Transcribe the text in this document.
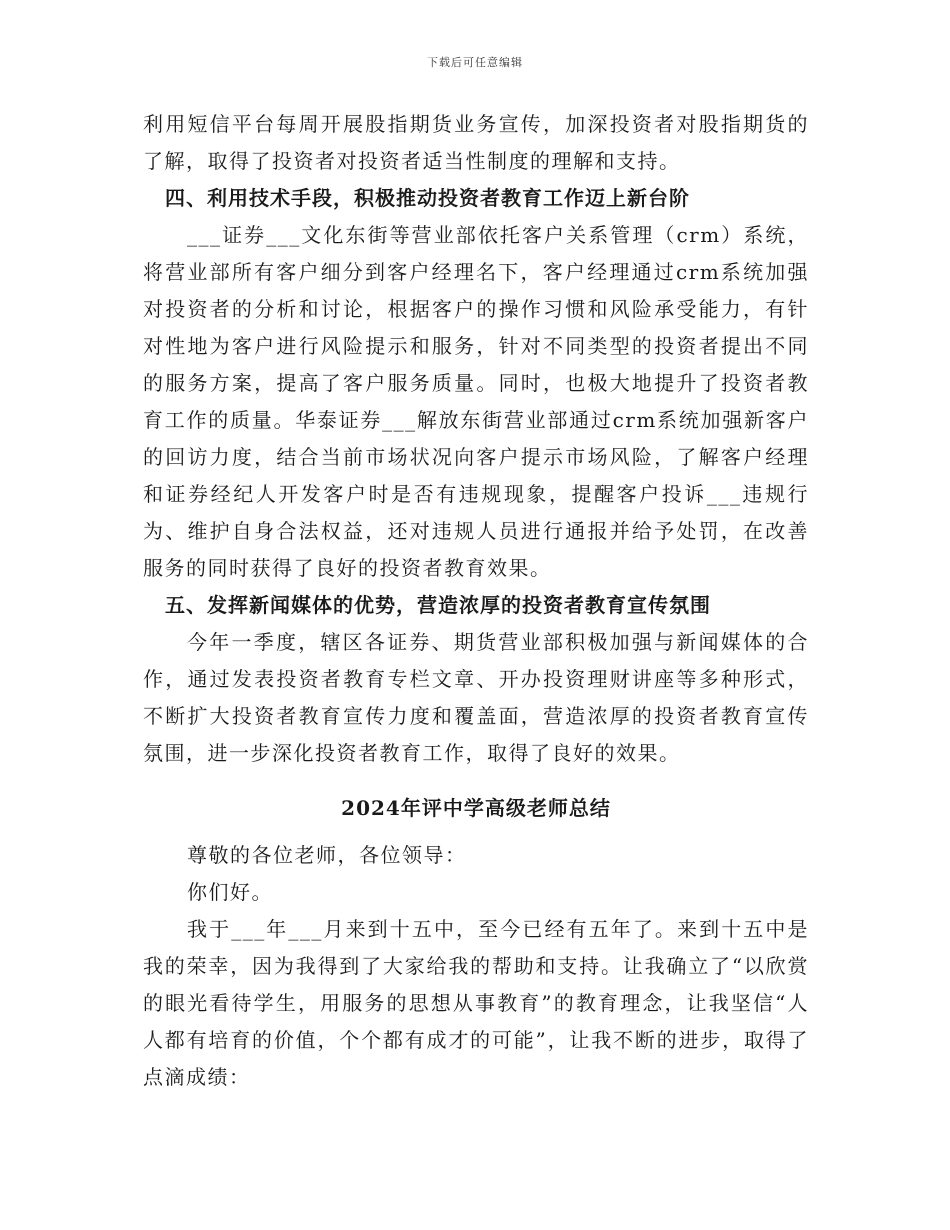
下载后可任意编辑

利用短信平台每周开展股指期货业务宣传，加深投资者对股指期货的了解，取得了投资者对投资者适当性制度的理解和支持。

四、利用技术手段，积极推动投资者教育工作迈上新台阶

___证券___文化东街等营业部依托客户关系管理（crm）系统，将营业部所有客户细分到客户经理名下，客户经理通过crm系统加强对投资者的分析和讨论，根据客户的操作习惯和风险承受能力，有针对性地为客户进行风险提示和服务，针对不同类型的投资者提出不同的服务方案，提高了客户服务质量。同时，也极大地提升了投资者教育工作的质量。华泰证券___解放东街营业部通过crm系统加强新客户的回访力度，结合当前市场状况向客户提示市场风险，了解客户经理和证券经纪人开发客户时是否有违规现象，提醒客户投诉___违规行为、维护自身合法权益，还对违规人员进行通报并给予处罚，在改善服务的同时获得了良好的投资者教育效果。

五、发挥新闻媒体的优势，营造浓厚的投资者教育宣传氛围

今年一季度，辖区各证券、期货营业部积极加强与新闻媒体的合作，通过发表投资者教育专栏文章、开办投资理财讲座等多种形式，不断扩大投资者教育宣传力度和覆盖面，营造浓厚的投资者教育宣传氛围，进一步深化投资者教育工作，取得了良好的效果。

2024年评中学高级老师总结

尊敬的各位老师，各位领导：

你们好。

我于___年___月来到十五中，至今已经有五年了。来到十五中是我的荣幸，因为我得到了大家给我的帮助和支持。让我确立了“以欣赏的眼光看待学生，用服务的思想从事教育”的教育理念，让我坚信“人人都有培育的价值，个个都有成才的可能”，让我不断的进步，取得了点滴成绩：
